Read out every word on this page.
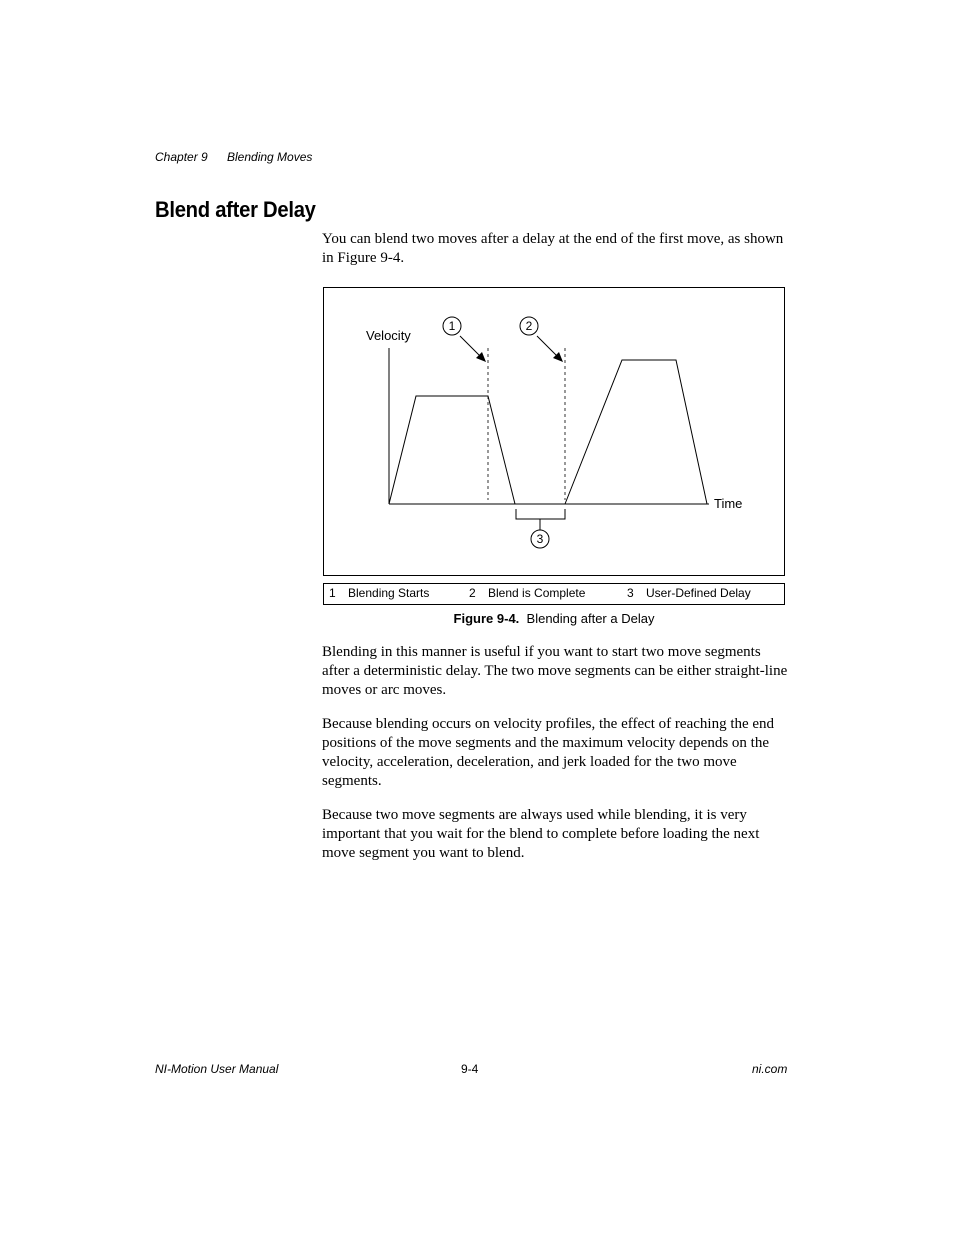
Chapter 9 Blending Moves
Blend after Delay
You can blend two moves after a delay at the end of the first move, as shown in Figure 9-4.
1	2
3
Velocity
Time
1 Blending Starts	2 Blend is Complete	3 User-Defined Delay
Figure 9-4. Blending after a Delay
Blending in this manner is useful if you want to start two move segments after a deterministic delay. The two move segments can be either straight-line moves or arc moves.
Because blending occurs on velocity profiles, the effect of reaching the end positions of the move segments and the maximum velocity depends on the velocity, acceleration, deceleration, and jerk loaded for the two move segments.
Because two move segments are always used while blending, it is very important that you wait for the blend to complete before loading the next move segment you want to blend.
NI-Motion User Manual	9-4	ni.com
